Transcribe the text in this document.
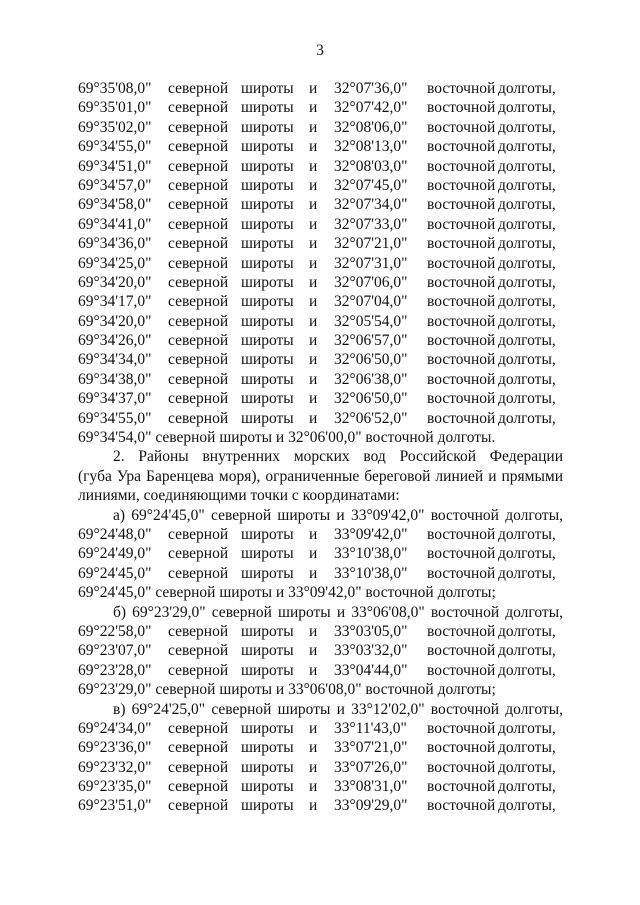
3
69°35'08,0" северной широты и 32°07'36,0" восточной долготы,
69°35'01,0" северной широты и 32°07'42,0" восточной долготы,
69°35'02,0" северной широты и 32°08'06,0" восточной долготы,
69°34'55,0" северной широты и 32°08'13,0" восточной долготы,
69°34'51,0" северной широты и 32°08'03,0" восточной долготы,
69°34'57,0" северной широты и 32°07'45,0" восточной долготы,
69°34'58,0" северной широты и 32°07'34,0" восточной долготы,
69°34'41,0" северной широты и 32°07'33,0" восточной долготы,
69°34'36,0" северной широты и 32°07'21,0" восточной долготы,
69°34'25,0" северной широты и 32°07'31,0" восточной долготы,
69°34'20,0" северной широты и 32°07'06,0" восточной долготы,
69°34'17,0" северной широты и 32°07'04,0" восточной долготы,
69°34'20,0" северной широты и 32°05'54,0" восточной долготы,
69°34'26,0" северной широты и 32°06'57,0" восточной долготы,
69°34'34,0" северной широты и 32°06'50,0" восточной долготы,
69°34'38,0" северной широты и 32°06'38,0" восточной долготы,
69°34'37,0" северной широты и 32°06'50,0" восточной долготы,
69°34'55,0" северной широты и 32°06'52,0" восточной долготы,
69°34'54,0" северной широты и 32°06'00,0" восточной долготы.
2. Районы внутренних морских вод Российской Федерации
(губа Ура Баренцева моря), ограниченные береговой линией и прямыми
линиями, соединяющими точки с координатами:
а) 69°24'45,0" северной широты и 33°09'42,0" восточной долготы,
69°24'48,0" северной широты и 33°09'42,0" восточной долготы,
69°24'49,0" северной широты и 33°10'38,0" восточной долготы,
69°24'45,0" северной широты и 33°10'38,0" восточной долготы,
69°24'45,0" северной широты и 33°09'42,0" восточной долготы;
б) 69°23'29,0" северной широты и 33°06'08,0" восточной долготы,
69°22'58,0" северной широты и 33°03'05,0" восточной долготы,
69°23'07,0" северной широты и 33°03'32,0" восточной долготы,
69°23'28,0" северной широты и 33°04'44,0" восточной долготы,
69°23'29,0" северной широты и 33°06'08,0" восточной долготы;
в) 69°24'25,0" северной широты и 33°12'02,0" восточной долготы,
69°24'34,0" северной широты и 33°11'43,0" восточной долготы,
69°23'36,0" северной широты и 33°07'21,0" восточной долготы,
69°23'32,0" северной широты и 33°07'26,0" восточной долготы,
69°23'35,0" северной широты и 33°08'31,0" восточной долготы,
69°23'51,0" северной широты и 33°09'29,0" восточной долготы,
